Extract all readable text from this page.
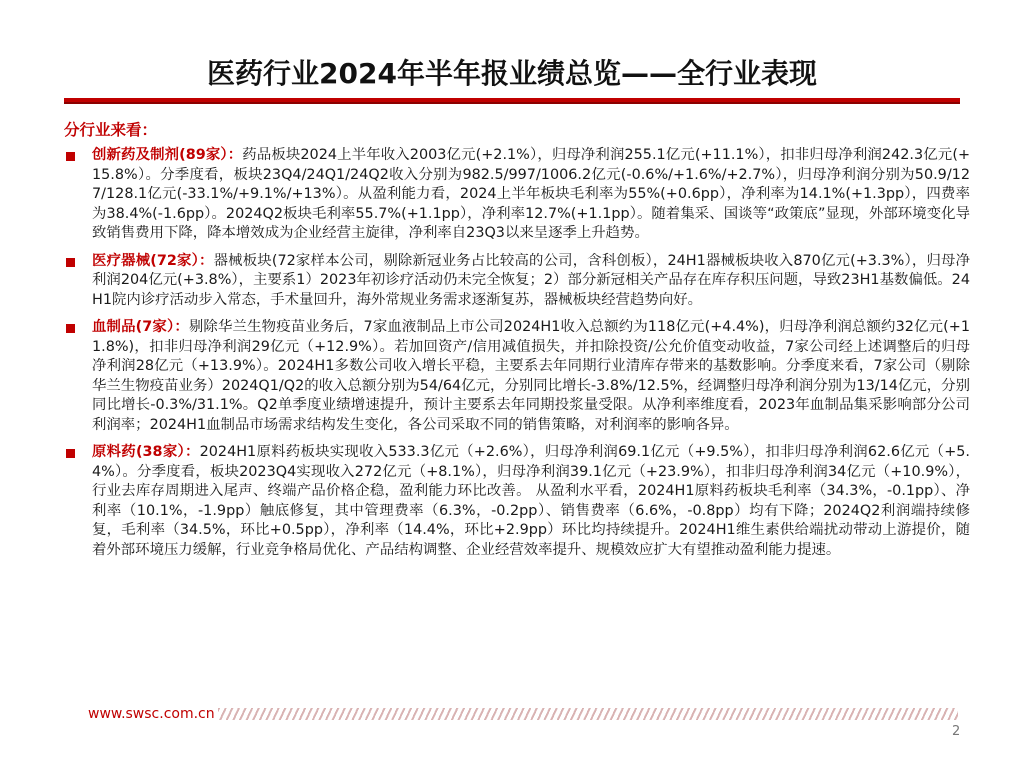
医药行业2024年半年报业绩总览——全行业表现
分行业来看：
创新药及制剂(89家）：药品板块2024上半年收入2003亿元(+2.1%），归母净利润255.1亿元(+11.1%），扣非归母净利润242.3亿元(+15.8%）。分季度看，板块23Q4/24Q1/24Q2收入分别为982.5/997/1006.2亿元(-0.6%/+1.6%/+2.7%），归母净利润分别为50.9/127/128.1亿元(-33.1%/+9.1%/+13%）。从盈利能力看，2024上半年板块毛利率为55%(+0.6pp），净利率为14.1%(+1.3pp），四费率为38.4%(-1.6pp）。2024Q2板块毛利率55.7%(+1.1pp），净利率12.7%(+1.1pp）。随着集采、国谈等“政策底”显现，外部环境变化导致销售费用下降，降本增效成为企业经营主旋律，净利率自23Q3以来呈逐季上升趋势。
医疗器械(72家）：器械板块(72家样本公司，剔除新冠业务占比较高的公司，含科创板），24H1器械板块收入870亿元(+3.3%），归母净利润204亿元(+3.8%），主要系1）2023年初诊疗活动仍未完全恢复；2）部分新冠相关产品存在库存积压问题，导致23H1基数偏低。24H1院内诊疗活动步入常态，手术量回升，海外常规业务需求逐渐复苏，器械板块经营趋势向好。
血制品(7家）：剔除华兰生物疫苗业务后，7家血液制品上市公司2024H1收入总额约为118亿元(+4.4%)，归母净利润总额约32亿元(+11.8%)，扣非归母净利润29亿元（+12.9%）。若加回资产/信用减值损失，并扣除投资/公允价值变动收益，7家公司经上述调整后的归母净利润28亿元（+13.9%）。2024H1多数公司收入增长平稳，主要系去年同期行业清库存带来的基数影响。分季度来看，7家公司（剔除华兰生物疫苗业务）2024Q1/Q2的收入总额分别为54/64亿元，分别同比增长-3.8%/12.5%，经调整归母净利润分别为13/14亿元，分别同比增长-0.3%/31.1%。Q2单季度业绩增速提升，预计主要系去年同期投浆量受限。从净利率维度看，2023年血制品集采影响部分公司利润率；2024H1血制品市场需求结构发生变化，各公司采取不同的销售策略，对利润率的影响各异。
原料药(38家）：2024H1原料药板块实现收入533.3亿元（+2.6%），归母净利润69.1亿元（+9.5%），扣非归母净利润62.6亿元（+5.4%）。分季度看，板块2023Q4实现收入272亿元（+8.1%），归母净利润39.1亿元（+23.9%），扣非归母净利润34亿元（+10.9%），行业去库存周期进入尾声、终端产品价格企稳，盈利能力环比改善。 从盈利水平看，2024H1原料药板块毛利率（34.3%，-0.1pp）、净利率（10.1%，-1.9pp）触底修复，其中管理费率（6.3%，-0.2pp）、销售费率（6.6%，-0.8pp）均有下降；2024Q2利润端持续修复，毛利率（34.5%，环比+0.5pp），净利率（14.4%，环比+2.9pp）环比均持续提升。2024H1维生素供给端扰动带动上游提价，随着外部环境压力缓解，行业竞争格局优化、产品结构调整、企业经营效率提升、规模效应扩大有望推动盈利能力提速。
www.swsc.com.cn
2
